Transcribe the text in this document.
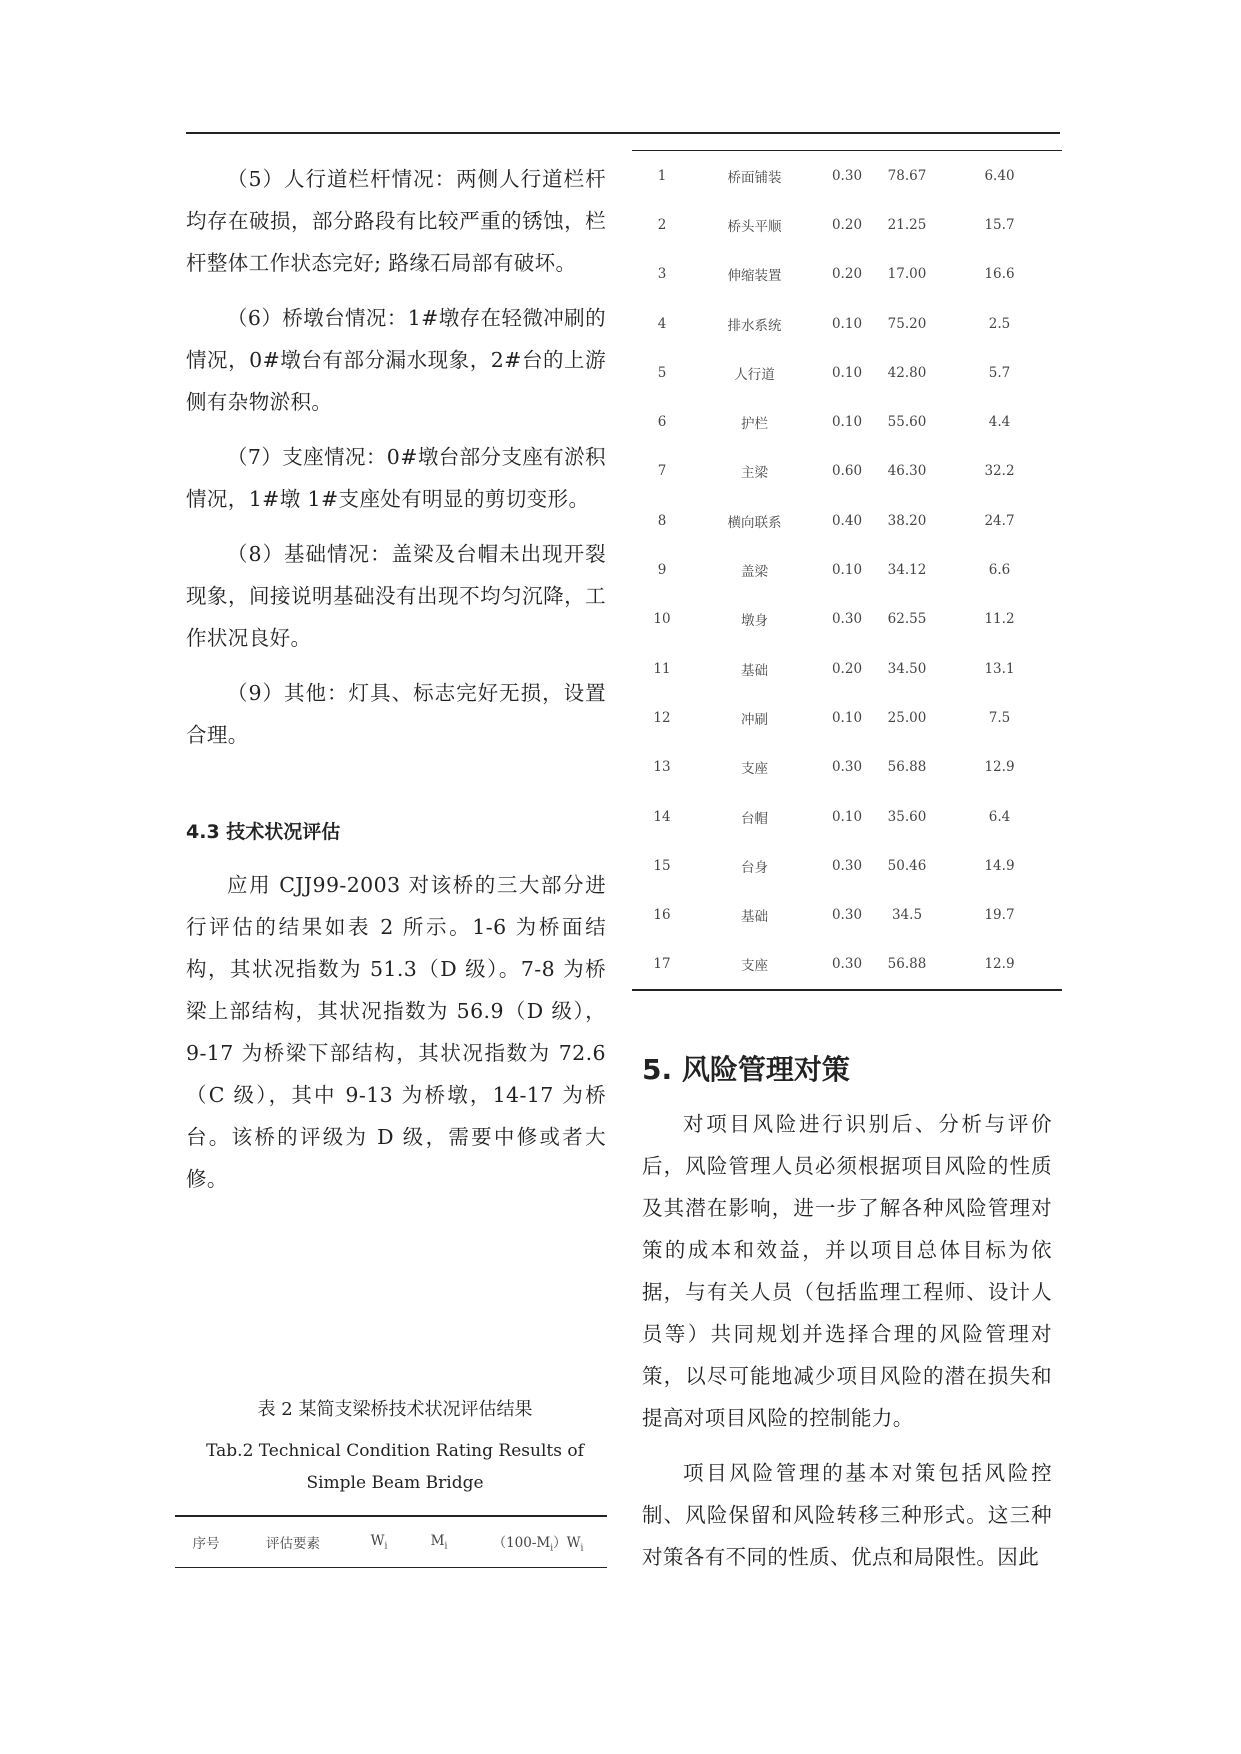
（5）人行道栏杆情况：两侧人行道栏杆均存在破损，部分路段有比较严重的锈蚀，栏杆整体工作状态完好; 路缘石局部有破坏。

（6）桥墩台情况：1#墩存在轻微冲刷的情况，0#墩台有部分漏水现象，2#台的上游侧有杂物淤积。

（7）支座情况：0#墩台部分支座有淤积情况，1#墩 1#支座处有明显的剪切变形。

（8）基础情况：盖梁及台帽未出现开裂现象，间接说明基础没有出现不均匀沉降，工作状况良好。

（9）其他：灯具、标志完好无损，设置合理。

4.3 技术状况评估

应用 CJJ99-2003 对该桥的三大部分进行评估的结果如表 2 所示。1-6 为桥面结构，其状况指数为 51.3（D 级）。7-8 为桥梁上部结构，其状况指数为 56.9（D 级），9-17 为桥梁下部结构，其状况指数为 72.6（C 级），其中 9-13 为桥墩，14-17 为桥台。该桥的评级为 D 级，需要中修或者大修。

表 2 某简支梁桥技术状况评估结果
Tab.2 Technical Condition Rating Results of
Simple Beam Bridge
序号	评估要素	$W_i$	$M_i$	$(100-M_i)W_i$
1	桥面铺装	0.30	78.67	6.40
2	桥头平顺	0.20	21.25	15.7
3	伸缩装置	0.20	17.00	16.6
4	排水系统	0.10	75.20	2.5
5	人行道	0.10	42.80	5.7
6	护栏	0.10	55.60	4.4
7	主梁	0.60	46.30	32.2
8	横向联系	0.40	38.20	24.7
9	盖梁	0.10	34.12	6.6
10	墩身	0.30	62.55	11.2
11	基础	0.20	34.50	13.1
12	冲刷	0.10	25.00	7.5
13	支座	0.30	56.88	12.9
14	台帽	0.10	35.60	6.4
15	台身	0.30	50.46	14.9
16	基础	0.30	34.5	19.7
17	支座	0.30	56.88	12.9
5. 风险管理对策

对项目风险进行识别后、分析与评价后，风险管理人员必须根据项目风险的性质及其潜在影响，进一步了解各种风险管理对策的成本和效益，并以项目总体目标为依据，与有关人员（包括监理工程师、设计人员等）共同规划并选择合理的风险管理对策，以尽可能地减少项目风险的潜在损失和提高对项目风险的控制能力。

项目风险管理的基本对策包括风险控制、风险保留和风险转移三种形式。这三种对策各有不同的性质、优点和局限性。因此
